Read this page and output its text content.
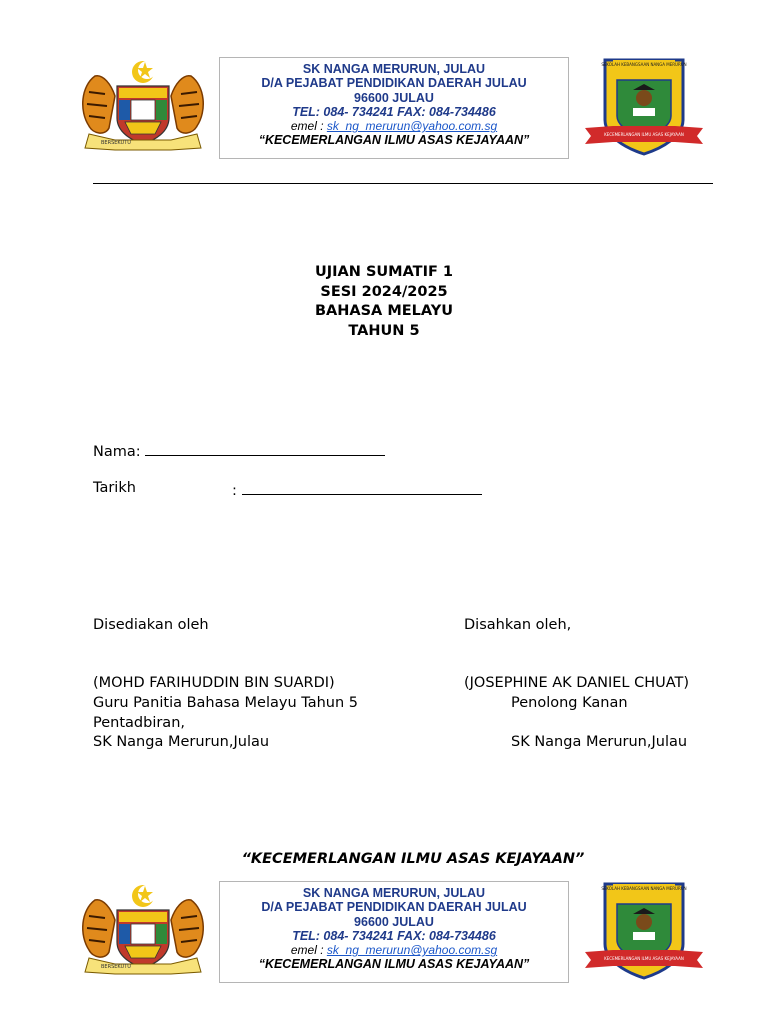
BERSEKUTU
SK NANGA MERURUN, JULAU
D/A PEJABAT PENDIDIKAN DAERAH JULAU
96600 JULAU
TEL: 084- 734241 FAX: 084-734486
emel : sk_ng_merurun@yahoo.com.sg
“KECEMERLANGAN ILMU ASAS KEJAYAAN”
SEKOLAH KEBANGSAAN NANGA MERURUN
KECEMERLANGAN ILMU ASAS KEJAYAAN
UJIAN SUMATIF 1
SESI 2024/2025
BAHASA MELAYU
TAHUN 5
Nama:
Tarikh	:
Disediakan oleh	Disahkan oleh,
(MOHD FARIHUDDIN BIN SUARDI)
Guru Panitia Bahasa Melayu Tahun 5
Pentadbiran,
SK Nanga Merurun,Julau
(JOSEPHINE AK DANIEL CHUAT)
Penolong Kanan
SK Nanga Merurun,Julau
“KECEMERLANGAN ILMU ASAS KEJAYAAN”
BERSEKUTU
SK NANGA MERURUN, JULAU
D/A PEJABAT PENDIDIKAN DAERAH JULAU
96600 JULAU
TEL: 084- 734241 FAX: 084-734486
emel : sk_ng_merurun@yahoo.com.sg
“KECEMERLANGAN ILMU ASAS KEJAYAAN”
SEKOLAH KEBANGSAAN NANGA MERURUN
KECEMERLANGAN ILMU ASAS KEJAYAAN
